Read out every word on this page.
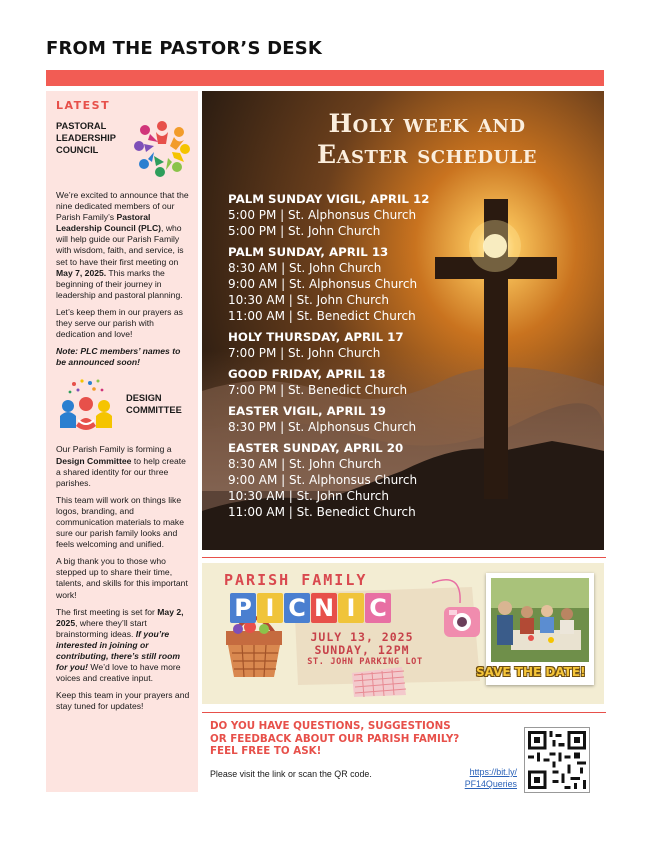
FROM THE PASTOR’S DESK
LATEST
PASTORAL
LEADERSHIP
COUNCIL
We’re excited to announce that the nine dedicated members of our Parish Family’s Pastoral Leadership Council (PLC), who will help guide our Parish Family with wisdom, faith, and service, is set to have their first meeting on May 7, 2025. This marks the beginning of their journey in leadership and pastoral planning.
Let’s keep them in our prayers as they serve our parish with dedication and love!
Note: PLC members’ names to be announced soon!
DESIGN
COMMITTEE
Our Parish Family is forming a Design Committee to help create a shared identity for our three parishes.
This team will work on things like logos, branding, and communication materials to make sure our parish family looks and feels welcoming and unified.
A big thank you to those who stepped up to share their time, talents, and skills for this important work!
The first meeting is set for May 2, 2025, where they’ll start brainstorming ideas. If you’re interested in joining or contributing, there’s still room for you! We’d love to have more voices and creative input.
Keep this team in your prayers and stay tuned for updates!
Holy week and
Easter schedule
PALM SUNDAY VIGIL, APRIL 12
5:00 PM | St. Alphonsus Church
5:00 PM | St. John Church
PALM SUNDAY, APRIL 13
8:30 AM | St. John Church
9:00 AM | St. Alphonsus Church
10:30 AM | St. John Church
11:00 AM | St. Benedict Church
HOLY THURSDAY, APRIL 17
7:00 PM | St. John Church
GOOD FRIDAY, APRIL 18
7:00 PM | St. Benedict Church
EASTER VIGIL, APRIL 19
8:30 PM | St. Alphonsus Church
EASTER SUNDAY, APRIL 20
8:30 AM | St. John Church
9:00 AM | St. Alphonsus Church
10:30 AM | St. John Church
11:00 AM | St. Benedict Church
PARISH FAMILY
P I C N I C
JULY 13, 2025
SUNDAY, 12PM
ST. JOHN PARKING LOT
SAVE THE DATE!
DO YOU HAVE QUESTIONS, SUGGESTIONS
OR FEEDBACK ABOUT OUR PARISH FAMILY?
FEEL FREE TO ASK!
Please visit the link or scan the QR code.	https://bit.ly/
PF14Queries
